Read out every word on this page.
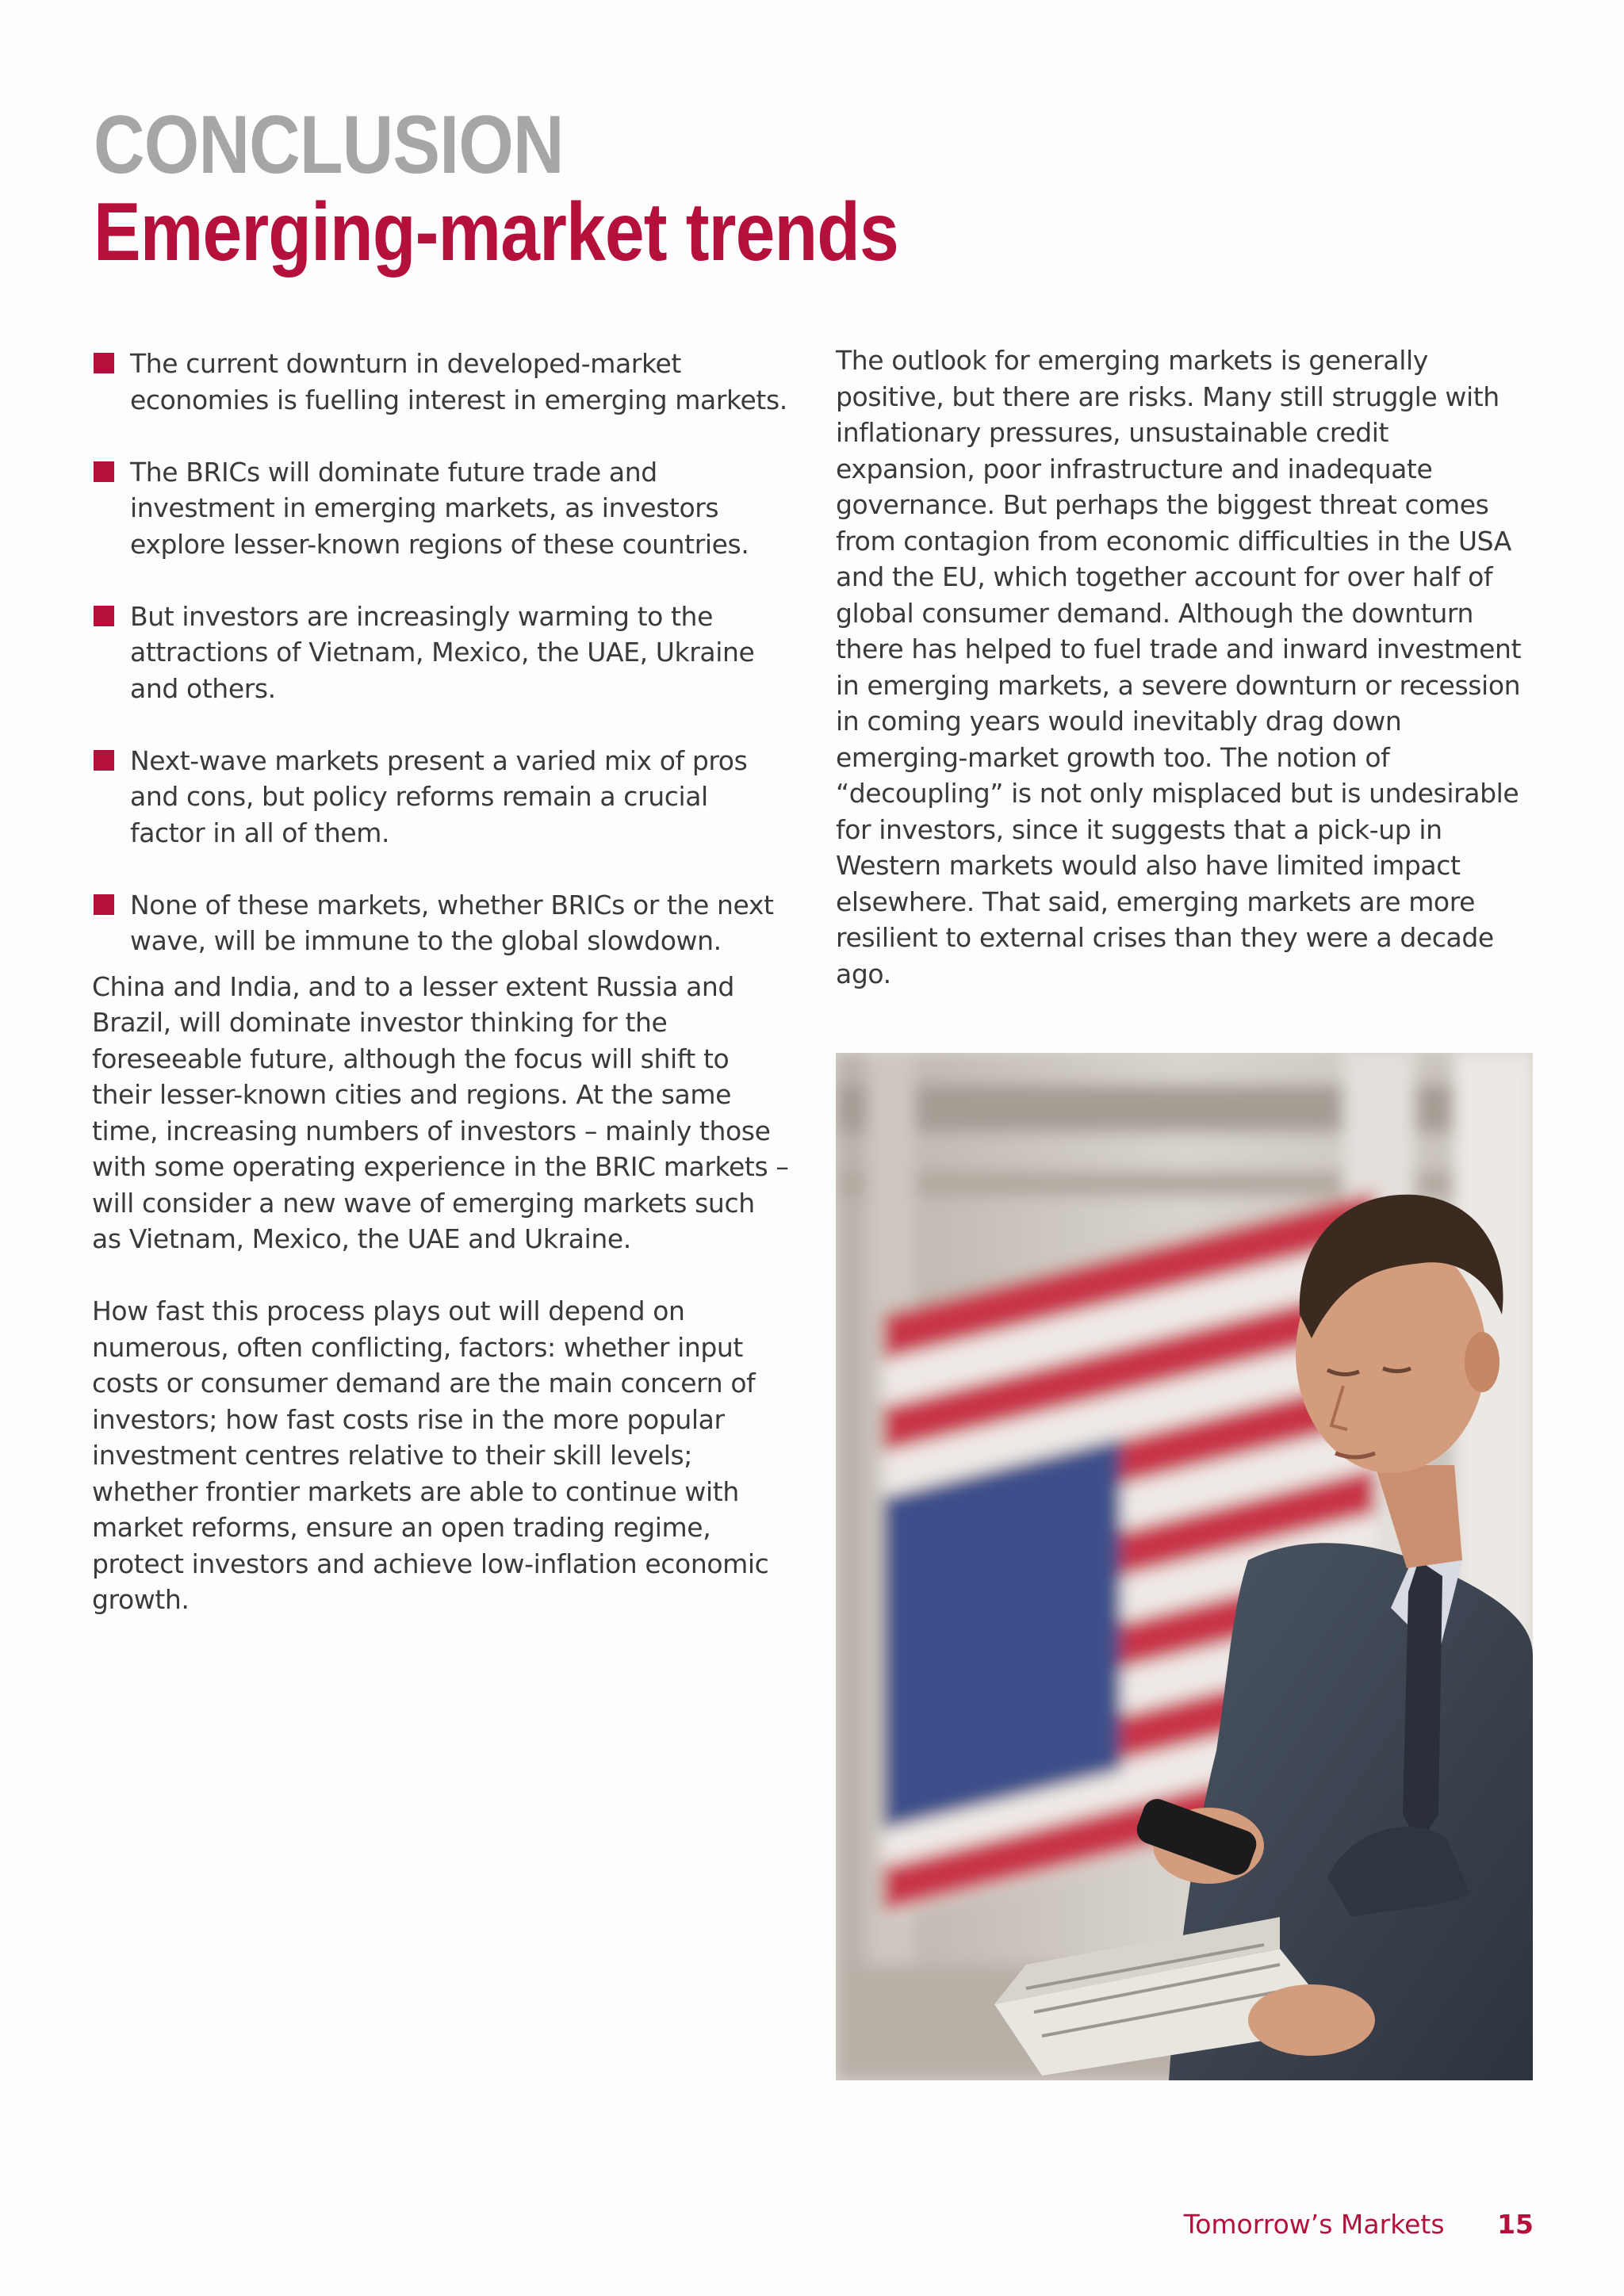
CONCLUSION
Emerging-market trends
The current downturn in developed-market economies is fuelling interest in emerging markets.
The BRICs will dominate future trade and investment in emerging markets, as investors explore lesser-known regions of these countries.
But investors are increasingly warming to the attractions of Vietnam, Mexico, the UAE, Ukraine and others.
Next-wave markets present a varied mix of pros and cons, but policy reforms remain a crucial factor in all of them.
None of these markets, whether BRICs or the next wave, will be immune to the global slowdown.

China and India, and to a lesser extent Russia and Brazil, will dominate investor thinking for the foreseeable future, although the focus will shift to their lesser-known cities and regions. At the same time, increasing numbers of investors – mainly those with some operating experience in the BRIC markets – will consider a new wave of emerging markets such as Vietnam, Mexico, the UAE and Ukraine.

How fast this process plays out will depend on numerous, often conflicting, factors: whether input costs or consumer demand are the main concern of investors; how fast costs rise in the more popular investment centres relative to their skill levels; whether frontier markets are able to continue with market reforms, ensure an open trading regime, protect investors and achieve low-inflation economic growth.

The outlook for emerging markets is generally positive, but there are risks. Many still struggle with inflationary pressures, unsustainable credit expansion, poor infrastructure and inadequate governance. But perhaps the biggest threat comes from contagion from economic difficulties in the USA and the EU, which together account for over half of global consumer demand. Although the downturn there has helped to fuel trade and inward investment in emerging markets, a severe downturn or recession in coming years would inevitably drag down emerging-market growth too. The notion of “decoupling” is not only misplaced but is undesirable for investors, since it suggests that a pick-up in Western markets would also have limited impact elsewhere. That said, emerging markets are more resilient to external crises than they were a decade ago.

Tomorrow’s Markets 15
